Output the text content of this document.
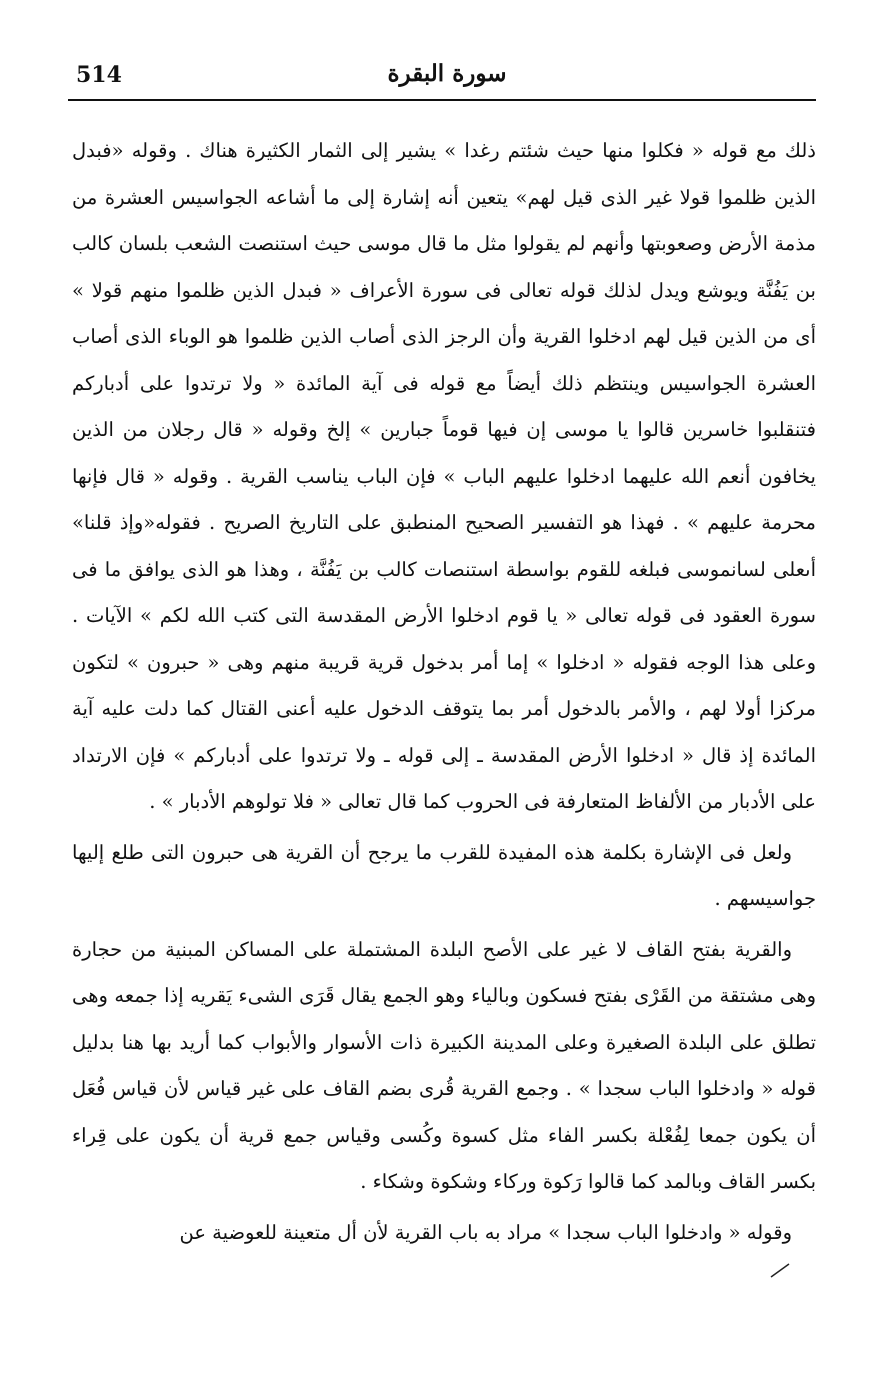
514	سورة البقرة

ذلك مع قوله « فكلوا منها حيث شئتم رغدا » يشير إلى الثمار الكثيرة هناك . وقوله «فبدل الذين ظلموا قولا غير الذى قيل لهم» يتعين أنه إشارة إلى ما أشاعه الجواسيس العشرة من مذمة الأرض وصعوبتها وأنهم لم يقولوا مثل ما قال موسى حيث استنصت الشعب بلسان كالب بن يَفُنَّة ويوشع ويدل لذلك قوله تعالى فى سورة الأعراف « فبدل الذين ظلموا منهم قولا » أى من الذين قيل لهم ادخلوا القرية وأن الرجز الذى أصاب الذين ظلموا هو الوباء الذى أصاب العشرة الجواسيس وينتظم ذلك أيضاً مع قوله فى آية المائدة « ولا ترتدوا على أدباركم فتنقلبوا خاسرين قالوا يا موسى إن فيها قوماً جبارين » إلخ وقوله « قال رجلان من الذين يخافون أنعم الله عليهما ادخلوا عليهم الباب » فإن الباب يناسب القرية . وقوله « قال فإنها محرمة عليهم » . فهذا هو التفسير الصحيح المنطبق على التاريخ الصريح . فقوله«وإذ قلنا» أىعلى لسانموسى فبلغه للقوم بواسطة استنصات كالب بن يَفُنَّة ، وهذا هو الذى يوافق ما فى سورة العقود فى قوله تعالى « يا قوم ادخلوا الأرض المقدسة التى كتب الله لكم » الآيات . وعلى هذا الوجه فقوله « ادخلوا » إما أمر بدخول قرية قريبة منهم وهى « حبرون » لتكون مركزا أولا لهم ، والأمر بالدخول أمر بما يتوقف الدخول عليه أعنى القتال كما دلت عليه آية المائدة إذ قال « ادخلوا الأرض المقدسة ـ إلى قوله ـ ولا ترتدوا على أدباركم » فإن الارتداد على الأدبار من الألفاظ المتعارفة فى الحروب كما قال تعالى « فلا تولوهم الأدبار » .

ولعل فى الإشارة بكلمة هذه المفيدة للقرب ما يرجح أن القرية هى حبرون التى طلع إليها جواسيسهم .

والقرية بفتح القاف لا غير على الأصح البلدة المشتملة على المساكن المبنية من حجارة وهى مشتقة من القَرْى بفتح فسكون وبالياء وهو الجمع يقال قَرَى الشىء يَقريه إذا جمعه وهى تطلق على البلدة الصغيرة وعلى المدينة الكبيرة ذات الأسوار والأبواب كما أريد بها هنا بدليل قوله « وادخلوا الباب سجدا » . وجمع القرية قُرى بضم القاف على غير قياس لأن قياس فُعَل أن يكون جمعا لِفُعْلة بكسر الفاء مثل كسوة وكُسى وقياس جمع قرية أن يكون على قِراء بكسر القاف وبالمد كما قالوا رَكوة وركاء وشكوة وشكاء .

وقوله « وادخلوا الباب سجدا » مراد به باب القرية لأن أل متعينة للعوضية عن
